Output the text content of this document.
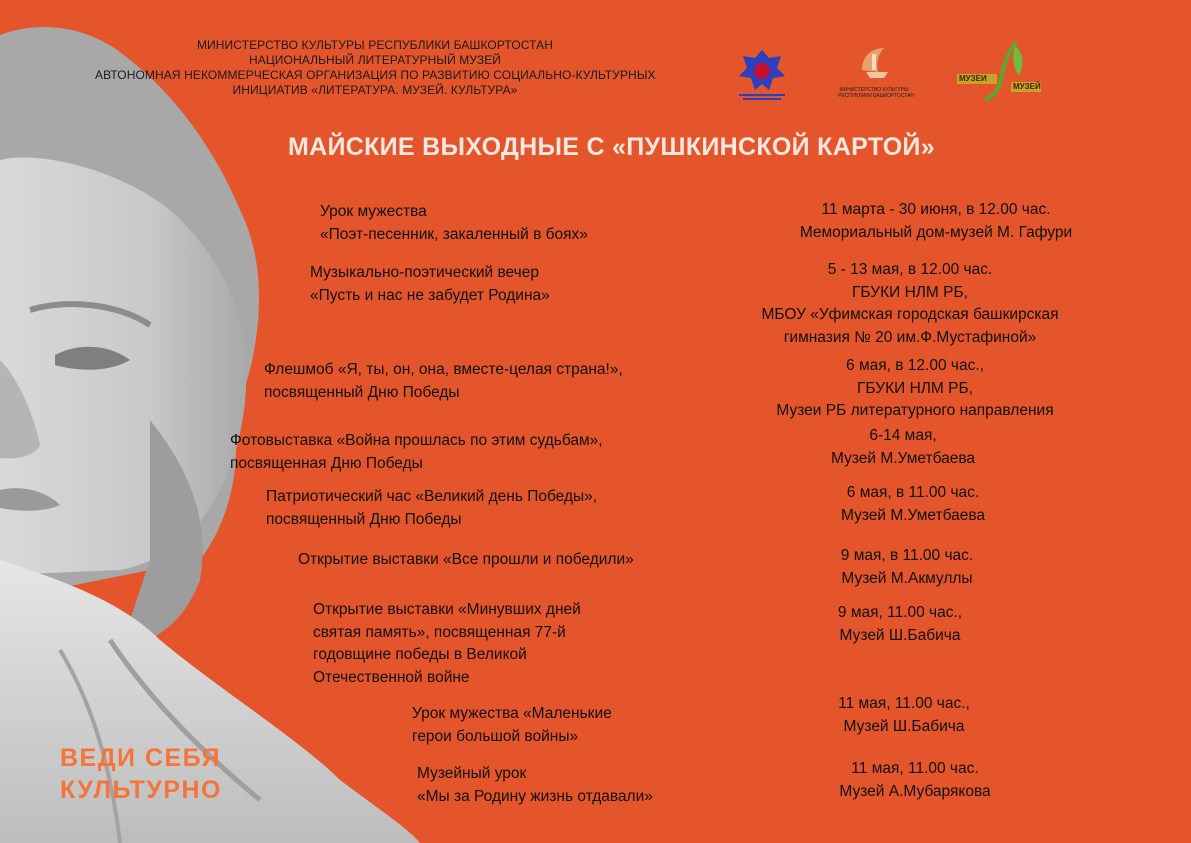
МИНИСТЕРСТВО КУЛЬТУРЫ РЕСПУБЛИКИ БАШКОРТОСТАН
НАЦИОНАЛЬНЫЙ ЛИТЕРАТУРНЫЙ МУЗЕЙ
АВТОНОМНАЯ НЕКОММЕРЧЕСКАЯ ОРГАНИЗАЦИЯ ПО РАЗВИТИЮ СОЦИАЛЬНО-КУЛЬТУРНЫХ
ИНИЦИАТИВ «ЛИТЕРАТУРА. МУЗЕЙ. КУЛЬТУРА»	МИНИСТЕРСТВО КУЛЬТУРЫ
РЕСПУБЛИКИ БАШКОРТОСТАН
МУЗЕИ
МУЗЕЙ
МАЙСКИЕ ВЫХОДНЫЕ С «ПУШКИНСКОЙ КАРТОЙ»
Урок мужества
«Поэт-песенник, закаленный в боях»
Музыкально-поэтический вечер
«Пусть и нас не забудет Родина»
Флешмоб «Я, ты, он, она, вместе-целая страна!»,
посвященный Дню Победы
Фотовыставка «Война прошлась по этим судьбам»,
посвященная Дню Победы
Патриотический час «Великий день Победы»,
посвященный Дню Победы
Открытие выставки «Все прошли и победили»
Открытие выставки «Минувших дней
святая память», посвященная 77-й
годовщине победы в Великой
Отечественной войне
Урок мужества «Маленькие
герои большой войны»
Музейный урок
«Мы за Родину жизнь отдавали»
11 марта - 30 июня, в 12.00 час.
Мемориальный дом-музей М. Гафури
5 - 13 мая, в 12.00 час.
ГБУКИ НЛМ РБ,
МБОУ «Уфимская городская башкирская
гимназия № 20 им.Ф.Мустафиной»
6 мая, в 12.00 час.,
ГБУКИ НЛМ РБ,
Музеи РБ литературного направления
6-14 мая,
Музей М.Уметбаева
6 мая, в 11.00 час.
Музей М.Уметбаева
9 мая, в 11.00 час.
Музей М.Акмуллы
9 мая, 11.00 час.,
Музей Ш.Бабича
11 мая, 11.00 час.,
Музей Ш.Бабича
11 мая, 11.00 час.
Музей А.Мубарякова
ВЕДИ СЕБЯ
КУЛЬТУРНО
